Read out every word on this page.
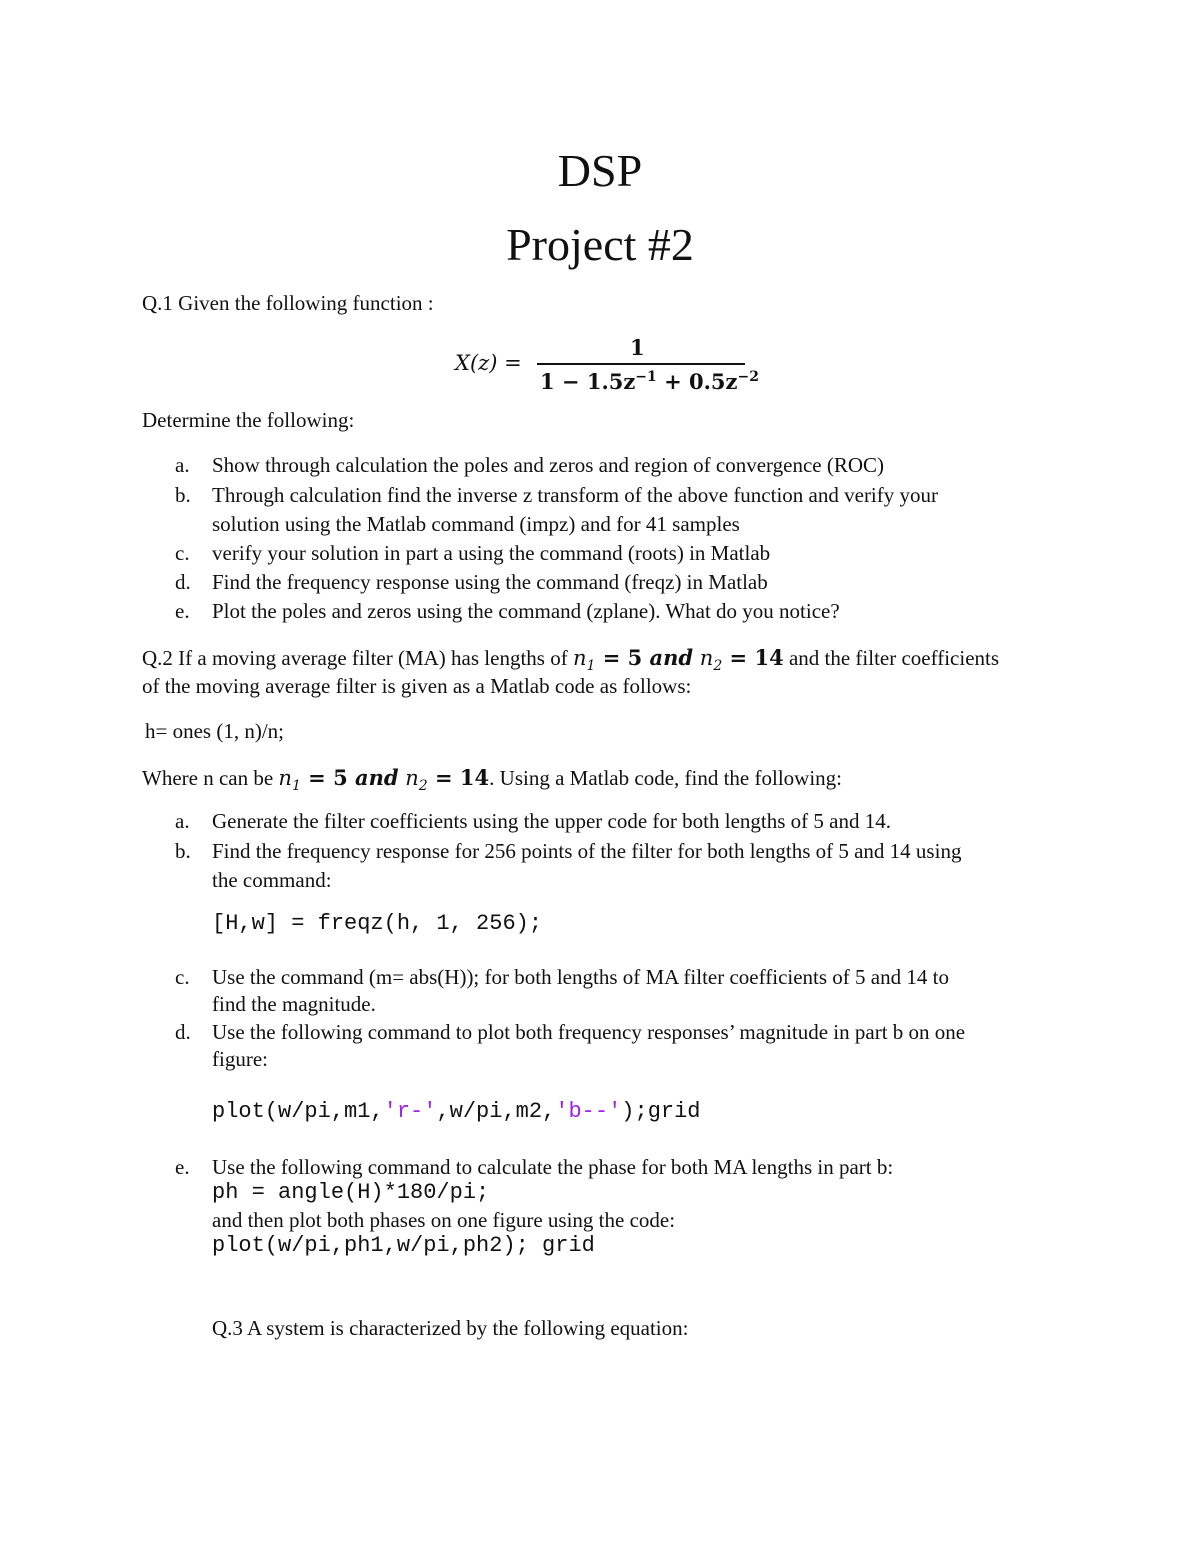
DSP
Project #2
Q.1 Given the following function :
X(z) =
1
$1 - 1.5z^{-1} + 0.5z^{-2}$
Determine the following:
a.	Show through calculation the poles and zeros and region of convergence (ROC)
b.	Through calculation find the inverse z transform of the above function and verify your
solution using the Matlab command (impz) and for 41 samples
c.	verify your solution in part a using the command (roots) in Matlab
d.	Find the frequency response using the command (freqz) in Matlab
e.	Plot the poles and zeros using the command (zplane). What do you notice?
Q.2 If a moving average filter (MA) has lengths of $n_1 = 5$ and $n_2 = 14$ and the filter coefficients
of the moving average filter is given as a Matlab code as follows:
h= ones (1, n)/n;
Where n can be $n_1 = 5$ and $n_2 = 14$. Using a Matlab code, find the following:
a.	Generate the filter coefficients using the upper code for both lengths of 5 and 14.
b.	Find the frequency response for 256 points of the filter for both lengths of 5 and 14 using
the command:
[H,w] = freqz(h, 1, 256);
c.	Use the command (m= abs(H)); for both lengths of MA filter coefficients of 5 and 14 to
find the magnitude.
d.	Use the following command to plot both frequency responses’ magnitude in part b on one
figure:
plot(w/pi,m1,'r-',w/pi,m2,'b--');grid
e.	Use the following command to calculate the phase for both MA lengths in part b:
ph = angle(H)*180/pi;
and then plot both phases on one figure using the code:
plot(w/pi,ph1,w/pi,ph2); grid
Q.3 A system is characterized by the following equation:
